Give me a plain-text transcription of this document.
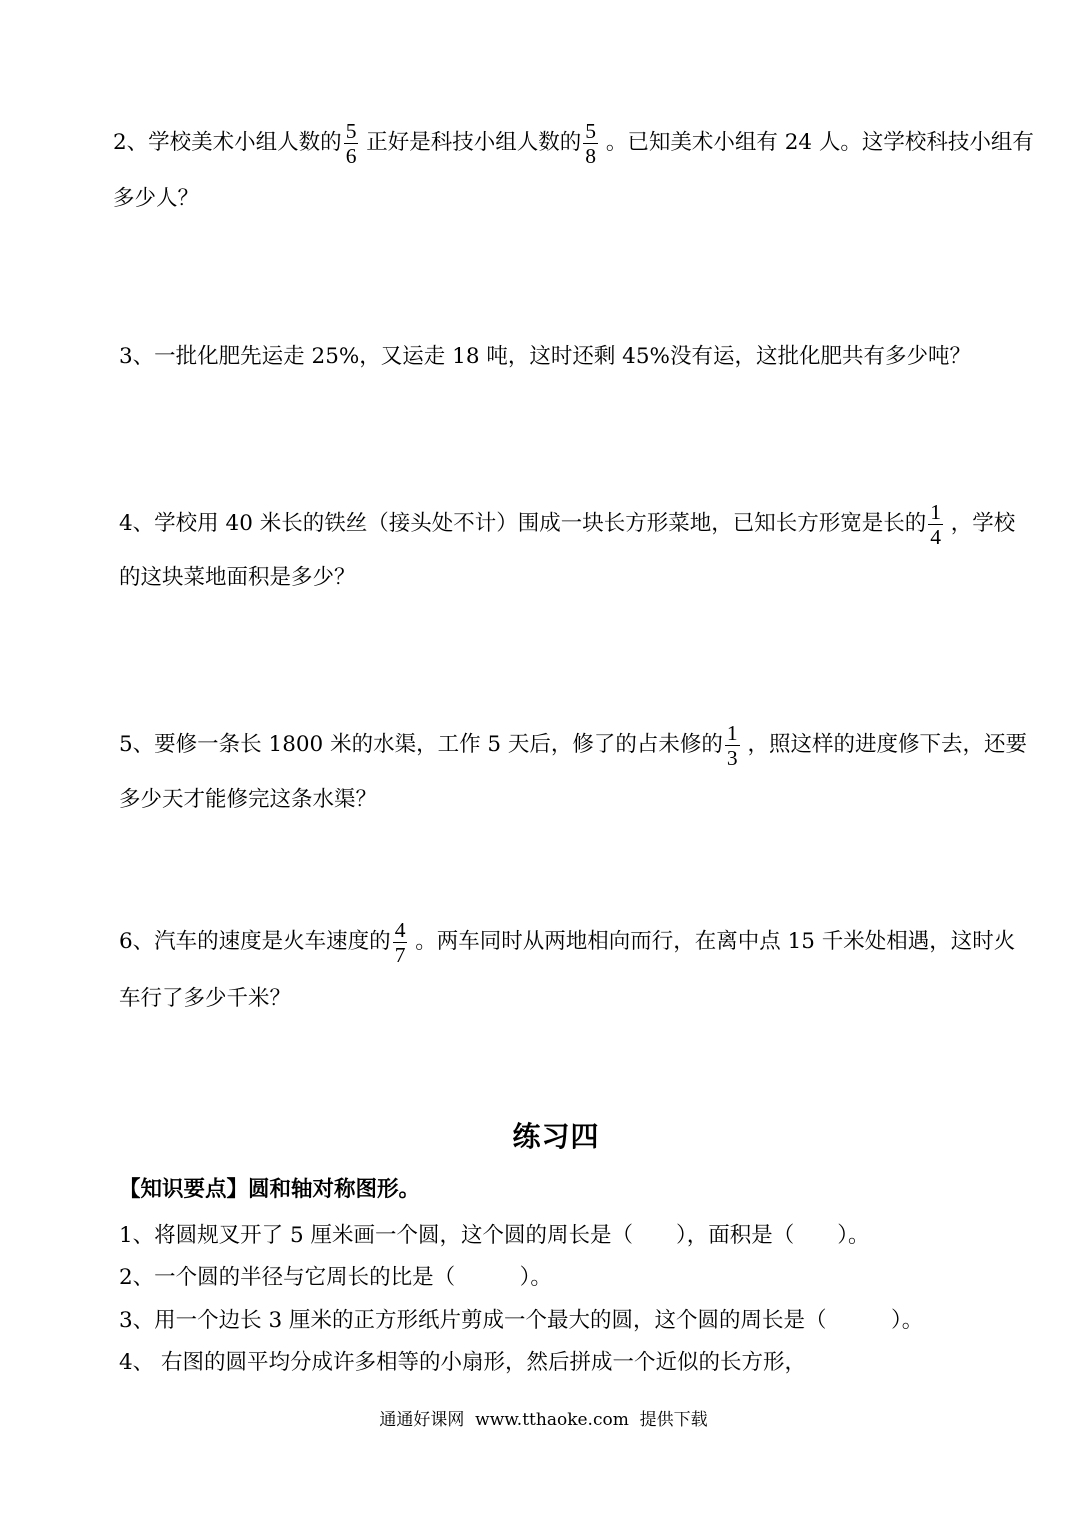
2、学校美术小组人数的 $\frac{5}{6}$ 正好是科技小组人数的 $\frac{5}{8}$ 。已知美术小组有 24 人。这学校科技小组有
多少人？
3、一批化肥先运走 25%，又运走 18 吨，这时还剩 45%没有运，这批化肥共有多少吨？
4、学校用 40 米长的铁丝（接头处不计）围成一块长方形菜地，已知长方形宽是长的 $\frac{1}{4}$ ，学校
的这块菜地面积是多少？
5、要修一条长 1800 米的水渠，工作 5 天后，修了的占未修的 $\frac{1}{3}$ ，照这样的进度修下去，还要
多少天才能修完这条水渠？
6、汽车的速度是火车速度的 $\frac{4}{7}$ 。两车同时从两地相向而行，在离中点 15 千米处相遇，这时火
车行了多少千米？
练习四
【知识要点】 圆和轴对称图形。
1、将圆规叉开了 5 厘米画一个圆，这个圆的周长是（　　），面积是（　　）。
2、一个圆的半径与它周长的比是（　　　）。
3、用一个边长 3 厘米的正方形纸片剪成一个最大的圆，这个圆的周长是（　　　）。
4、 右图的圆平均分成许多相等的小扇形，然后拼成一个近似的长方形，
通通好课网  www.tthaoke.com  提供下载
